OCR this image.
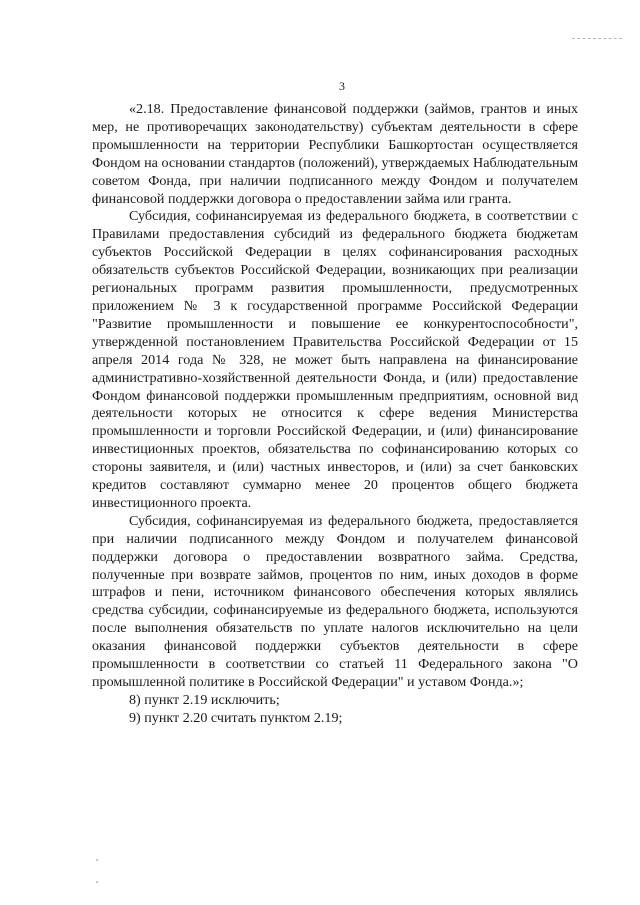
3

«2.18. Предоставление финансовой поддержки (займов, грантов и иных мер, не противоречащих законодательству) субъектам деятельности в сфере промышленности на территории Республики Башкортостан осуществляется Фондом на основании стандартов (положений), утверждаемых Наблюдательным советом Фонда, при наличии подписанного между Фондом и получателем финансовой поддержки договора о предоставлении займа или гранта.

Субсидия, софинансируемая из федерального бюджета, в соответствии с Правилами предоставления субсидий из федерального бюджета бюджетам субъектов Российской Федерации в целях софинансирования расходных обязательств субъектов Российской Федерации, возникающих при реализации региональных программ развития промышленности, предусмотренных приложением № 3 к государственной программе Российской Федерации "Развитие промышленности и повышение ее конкурентоспособности", утвержденной постановлением Правительства Российской Федерации от 15 апреля 2014 года № 328, не может быть направлена на финансирование административно-хозяйственной деятельности Фонда, и (или) предоставление Фондом финансовой поддержки промышленным предприятиям, основной вид деятельности которых не относится к сфере ведения Министерства промышленности и торговли Российской Федерации, и (или) финансирование инвестиционных проектов, обязательства по софинансированию которых со стороны заявителя, и (или) частных инвесторов, и (или) за счет банковских кредитов составляют суммарно менее 20 процентов общего бюджета инвестиционного проекта.

Субсидия, софинансируемая из федерального бюджета, предоставляется при наличии подписанного между Фондом и получателем финансовой поддержки договора о предоставлении возвратного займа. Средства, полученные при возврате займов, процентов по ним, иных доходов в форме штрафов и пени, источником финансового обеспечения которых являлись средства субсидии, софинансируемые из федерального бюджета, используются после выполнения обязательств по уплате налогов исключительно на цели оказания финансовой поддержки субъектов деятельности в сфере промышленности в соответствии со статьей 11 Федерального закона "О промышленной политике в Российской Федерации" и уставом Фонда.»;

8) пункт 2.19 исключить;

9) пункт 2.20 считать пунктом 2.19;
